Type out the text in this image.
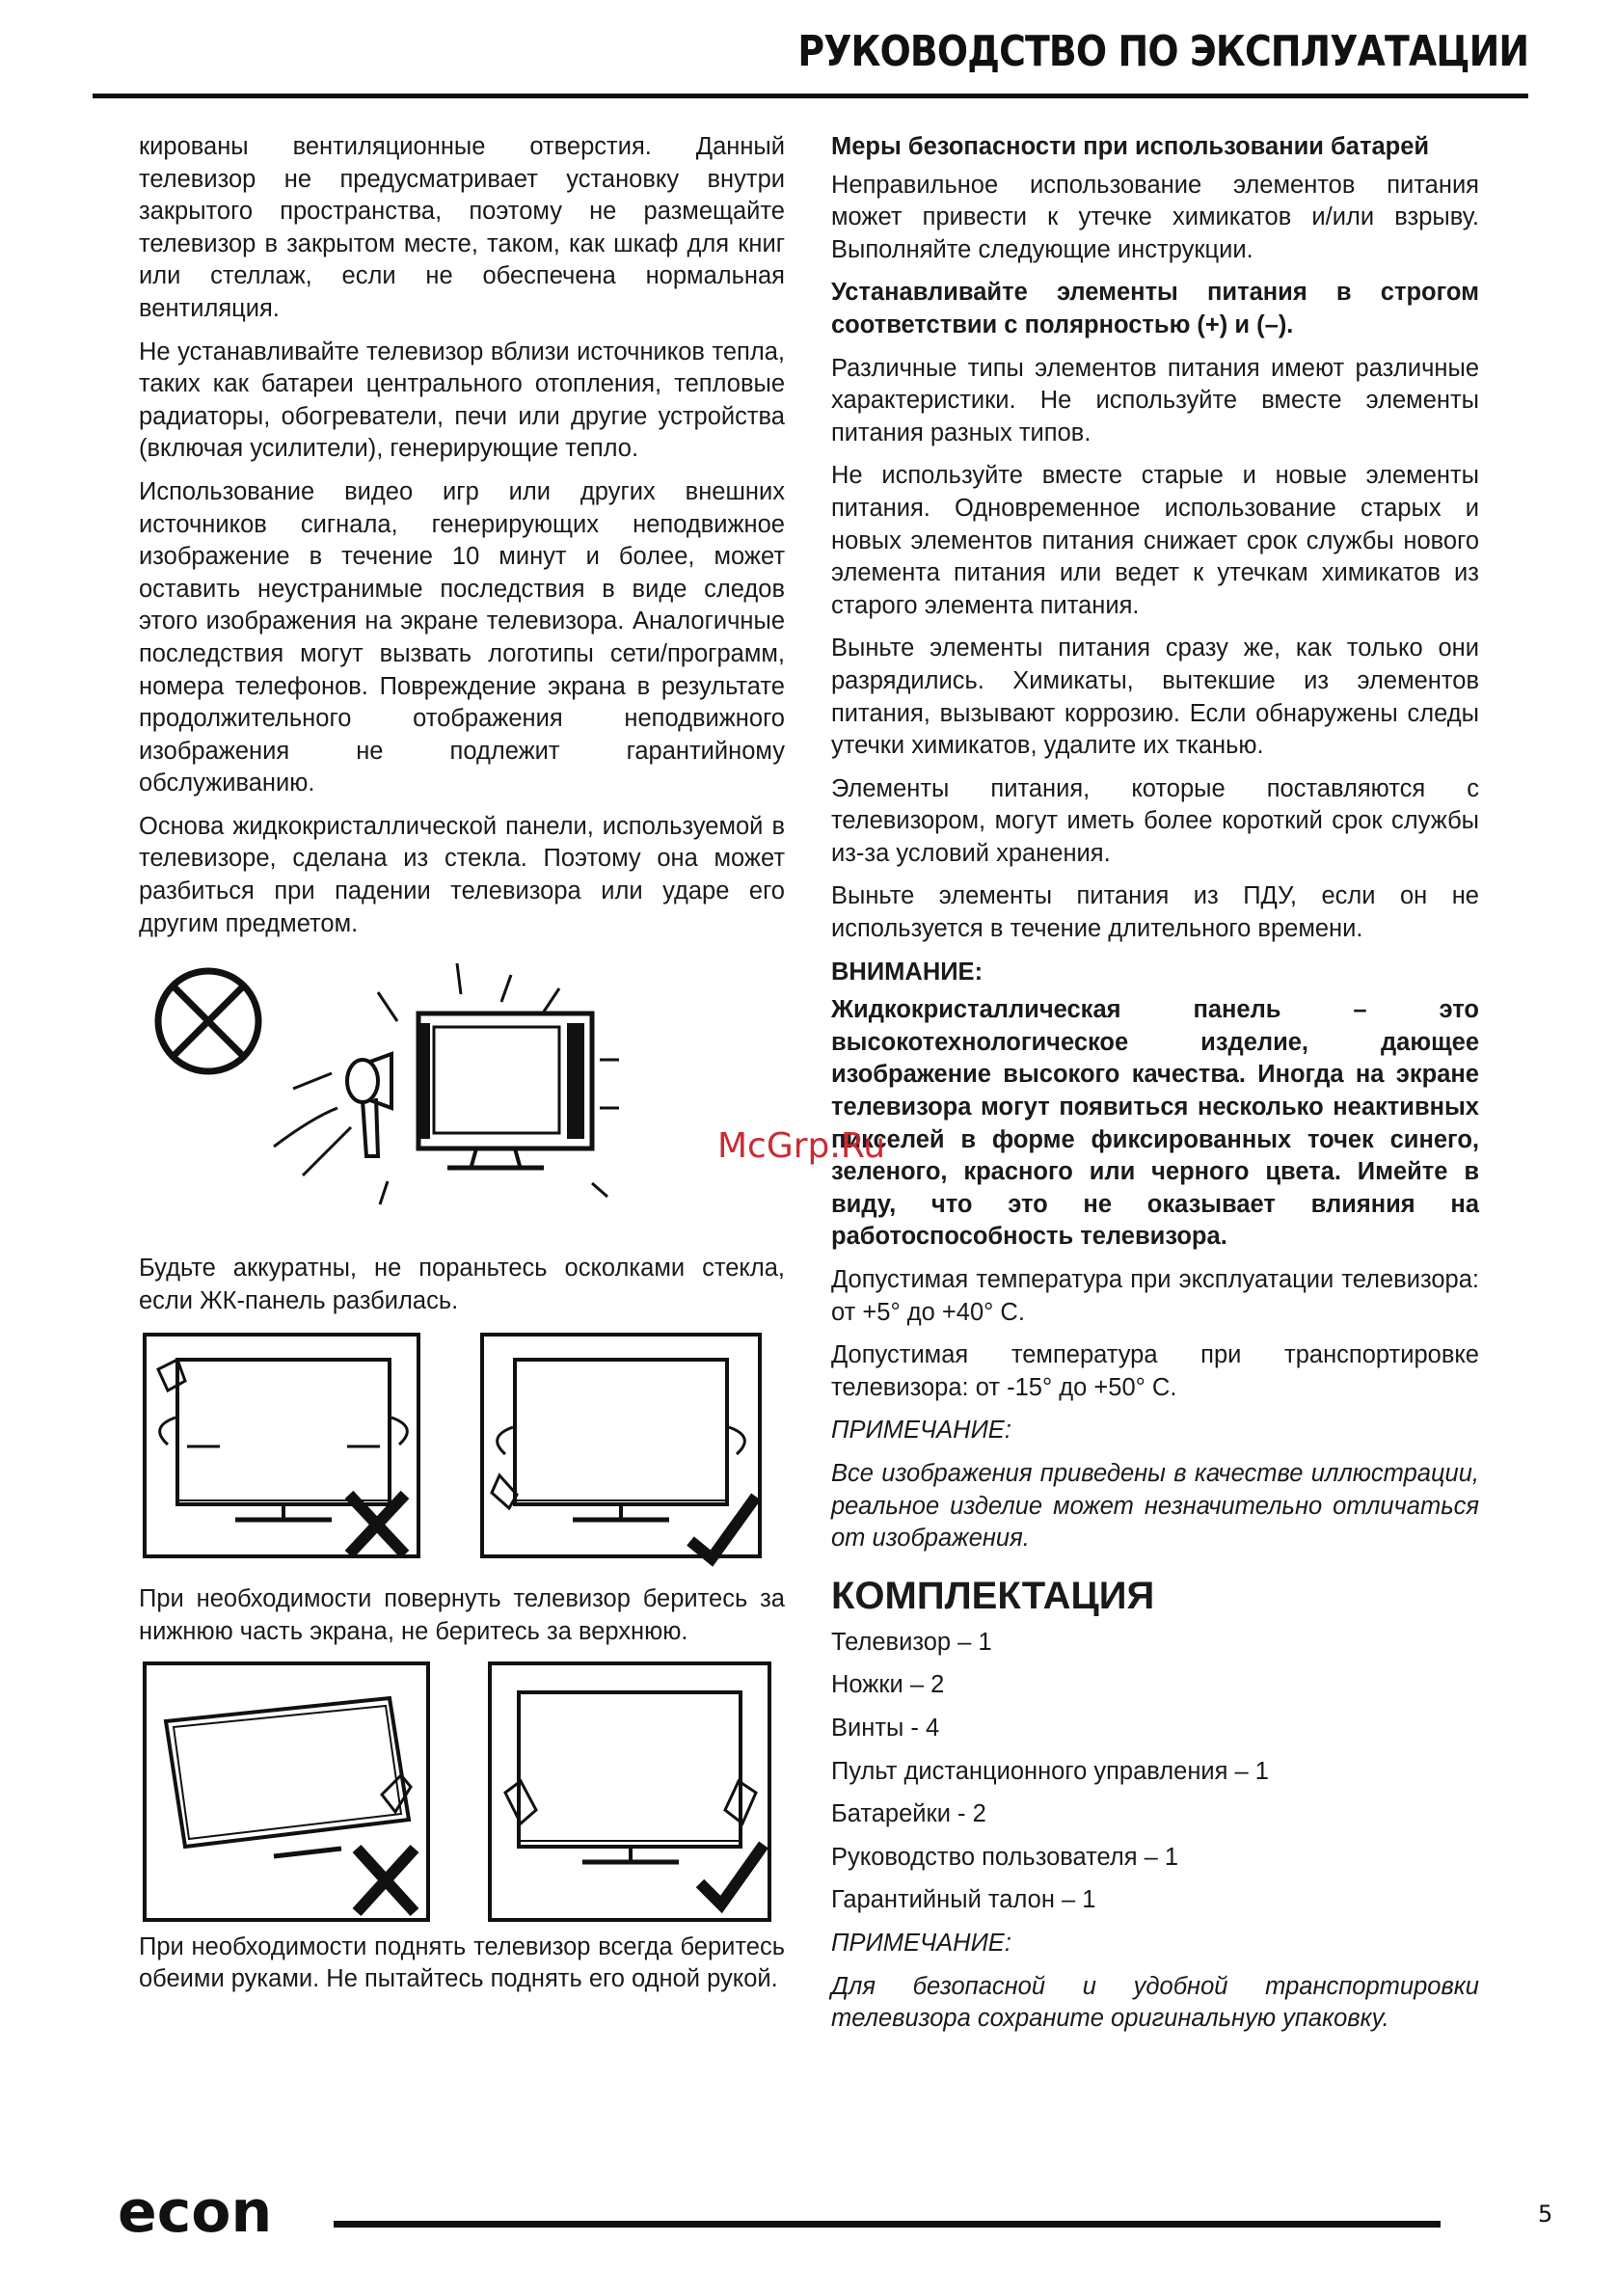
РУКОВОДСТВО ПО ЭКСПЛУАТАЦИИ

кированы вентиляционные отверстия. Данный телевизор не предусматривает установку внутри закрытого пространства, поэтому не размещайте телевизор в закрытом месте, таком, как шкаф для книг или стеллаж, если не обеспечена нормальная вентиляция.

Не устанавливайте телевизор вблизи источников тепла, таких как батареи центрального отопления, тепловые радиаторы, обогреватели, печи или другие устройства (включая усилители), генерирующие тепло.

Использование видео игр или других внешних источников сигнала, генерирующих неподвижное изображение в течение 10 минут и более, может оставить неустранимые последствия в виде следов этого изображения на экране телевизора. Аналогичные последствия могут вызвать логотипы сети/программ, номера телефонов. Повреждение экрана в результате продолжительного отображения неподвижного изображения не подлежит гарантийному обслуживанию.

Основа жидкокристаллической панели, используемой в телевизоре, сделана из стекла. Поэтому она может разбиться при падении телевизора или ударе его другим предметом.

Будьте аккуратны, не пораньтесь осколками стекла, если ЖК-панель разбилась.

При необходимости повернуть телевизор беритесь за нижнюю часть экрана, не беритесь за верхнюю.

При необходимости поднять телевизор всегда беритесь обеими руками. Не пытайтесь поднять его одной рукой.

Меры безопасности при использовании батарей

Неправильное использование элементов питания может привести к утечке химикатов и/или взрыву. Выполняйте следующие инструкции.

Устанавливайте элементы питания в строгом соответствии с полярностью (+) и (–).

Различные типы элементов питания имеют различные характеристики. Не используйте вместе элементы питания разных типов.

Не используйте вместе старые и новые элементы питания. Одновременное использование старых и новых элементов питания снижает срок службы нового элемента питания или ведет к утечкам химикатов из старого элемента питания.

Выньте элементы питания сразу же, как только они разрядились. Химикаты, вытекшие из элементов питания, вызывают коррозию. Если обнаружены следы утечки химикатов, удалите их тканью.

Элементы питания, которые поставляются с телевизором, могут иметь более короткий срок службы из-за условий хранения.

Выньте элементы питания из ПДУ, если он не используется в течение длительного времени.

ВНИМАНИЕ:

Жидкокристаллическая панель – это высокотехнологическое изделие, дающее изображение высокого качества. Иногда на экране телевизора могут появиться несколько неактивных пикселей в форме фиксированных точек синего, зеленого, красного или черного цвета. Имейте в виду, что это не оказывает влияния на работоспособность телевизора.

Допустимая температура при эксплуатации телевизора: от +5° до +40° С.

Допустимая температура при транспортировке телевизора: от -15° до +50° С.

ПРИМЕЧАНИЕ:

Все изображения приведены в качестве иллюстрации, реальное изделие может незначительно отличаться от изображения.

КОМПЛЕКТАЦИЯ
Телевизор – 1
Ножки – 2
Винты - 4
Пульт дистанционного управления – 1
Батарейки - 2
Руководство пользователя – 1
Гарантийный талон – 1

ПРИМЕЧАНИЕ:

Для безопасной и удобной транспортировки телевизора сохраните оригинальную упаковку.

McGrp.Ru
econ	5
